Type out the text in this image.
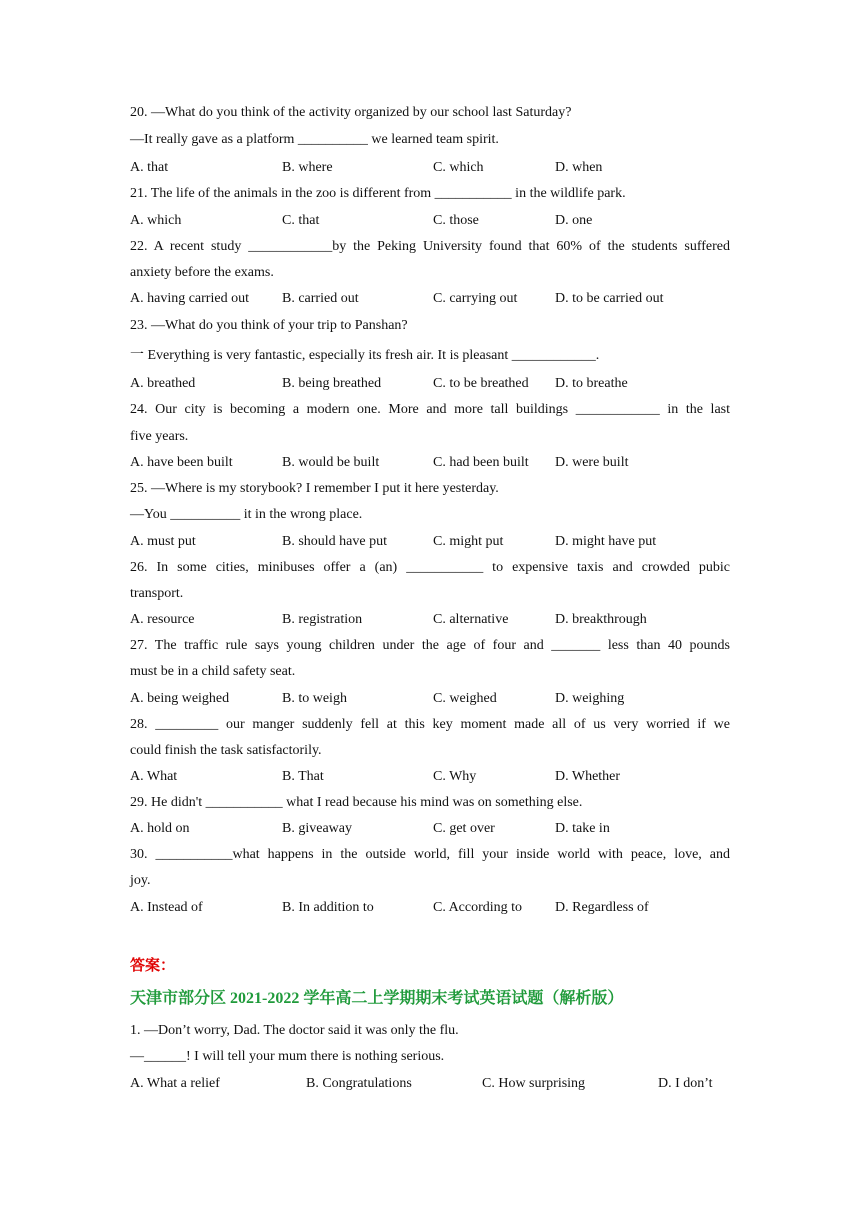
20. —What do you think of the activity organized by our school last Saturday?
—It really gave as a platform __________ we learned team spirit.
A. that	B. where	C. which	D. when
21. The life of the animals in the zoo is different from ___________ in the wildlife park.
A. which	C. that	C. those	D. one
22. A recent study ____________by the Peking University found that 60% of the students suffered
anxiety before the exams.
A. having carried out B. carried out	C. carrying out	D. to be carried out
23. —What do you think of your trip to Panshan?
一 Everything is very fantastic, especially its fresh air. It is pleasant ____________.
A. breathed	B. being breathed	C. to be breathed D. to breathe
24. Our city is becoming a modern one. More and more tall buildings ____________ in the last
five years.
A. have been built	B. would be built	C. had been built D. were built
25. —Where is my storybook? I remember I put it here yesterday.
—You __________ it in the wrong place.
A. must put	B. should have put	C. might put	D. might have put
26. In some cities, minibuses offer a (an) ___________ to expensive taxis and crowded pubic
transport.
A. resource	B. registration	C. alternative	D. breakthrough
27. The traffic rule says young children under the age of four and _______ less than 40 pounds
must be in a child safety seat.
A. being weighed	B. to weigh	C. weighed	D. weighing
28. _________ our manger suddenly fell at this key moment made all of us very worried if we
could finish the task satisfactorily.
A. What	B. That	C. Why	D. Whether
29. He didn't ___________ what I read because his mind was on something else.
A. hold on	B. giveaway	C. get over	D. take in
30. ___________what happens in the outside world, fill your inside world with peace, love, and
joy.
A. Instead of	B. In addition to	C. According to D. Regardless of
答案：
天津市部分区 2021-2022 学年高二上学期期末考试英语试题（解析版）
1. —Don’t worry, Dad. The doctor said it was only the flu.
—______! I will tell your mum there is nothing serious.
A. What a relief	B. Congratulations	C. How surprising	D. I don’t
